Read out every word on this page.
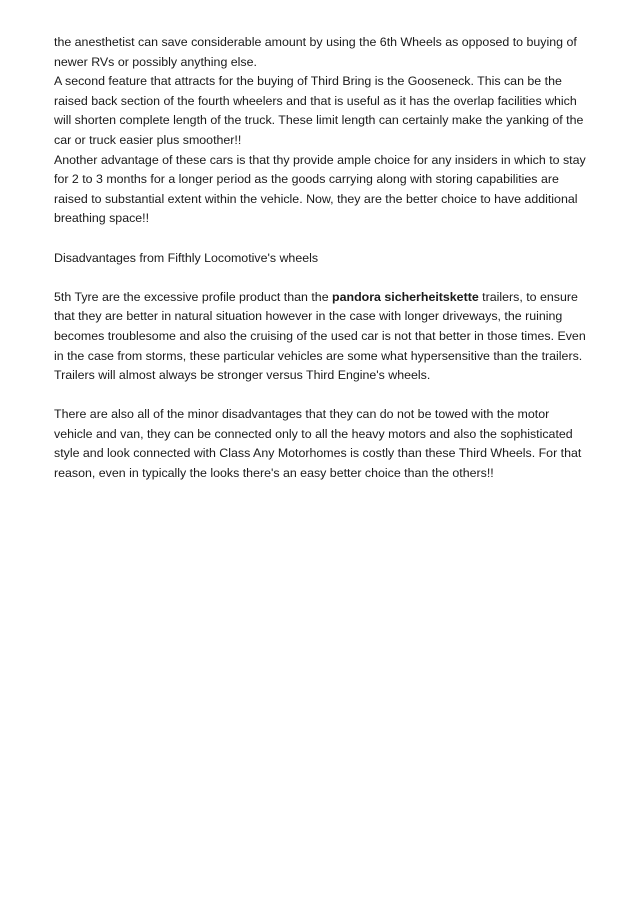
the anesthetist can save considerable amount by using the 6th Wheels as opposed to buying of newer RVs or possibly anything else.

A second feature that attracts for the buying of Third Bring is the Gooseneck. This can be the raised back section of the fourth wheelers and that is useful as it has the overlap facilities which will shorten complete length of the truck. These limit length can certainly make the yanking of the car or truck easier plus smoother!!

Another advantage of these cars is that thy provide ample choice for any insiders in which to stay for 2 to 3 months for a longer period as the goods carrying along with storing capabilities are raised to substantial extent within the vehicle. Now, they are the better choice to have additional breathing space!!

Disadvantages from Fifthly Locomotive's wheels

5th Tyre are the excessive profile product than the pandora sicherheitskette trailers, to ensure that they are better in natural situation however in the case with longer driveways, the ruining becomes troublesome and also the cruising of the used car is not that better in those times. Even in the case from storms, these particular vehicles are some what hypersensitive than the trailers. Trailers will almost always be stronger versus Third Engine's wheels.

There are also all of the minor disadvantages that they can do not be towed with the motor vehicle and van, they can be connected only to all the heavy motors and also the sophisticated style and look connected with Class Any Motorhomes is costly than these Third Wheels. For that reason, even in typically the looks there's an easy better choice than the others!!
